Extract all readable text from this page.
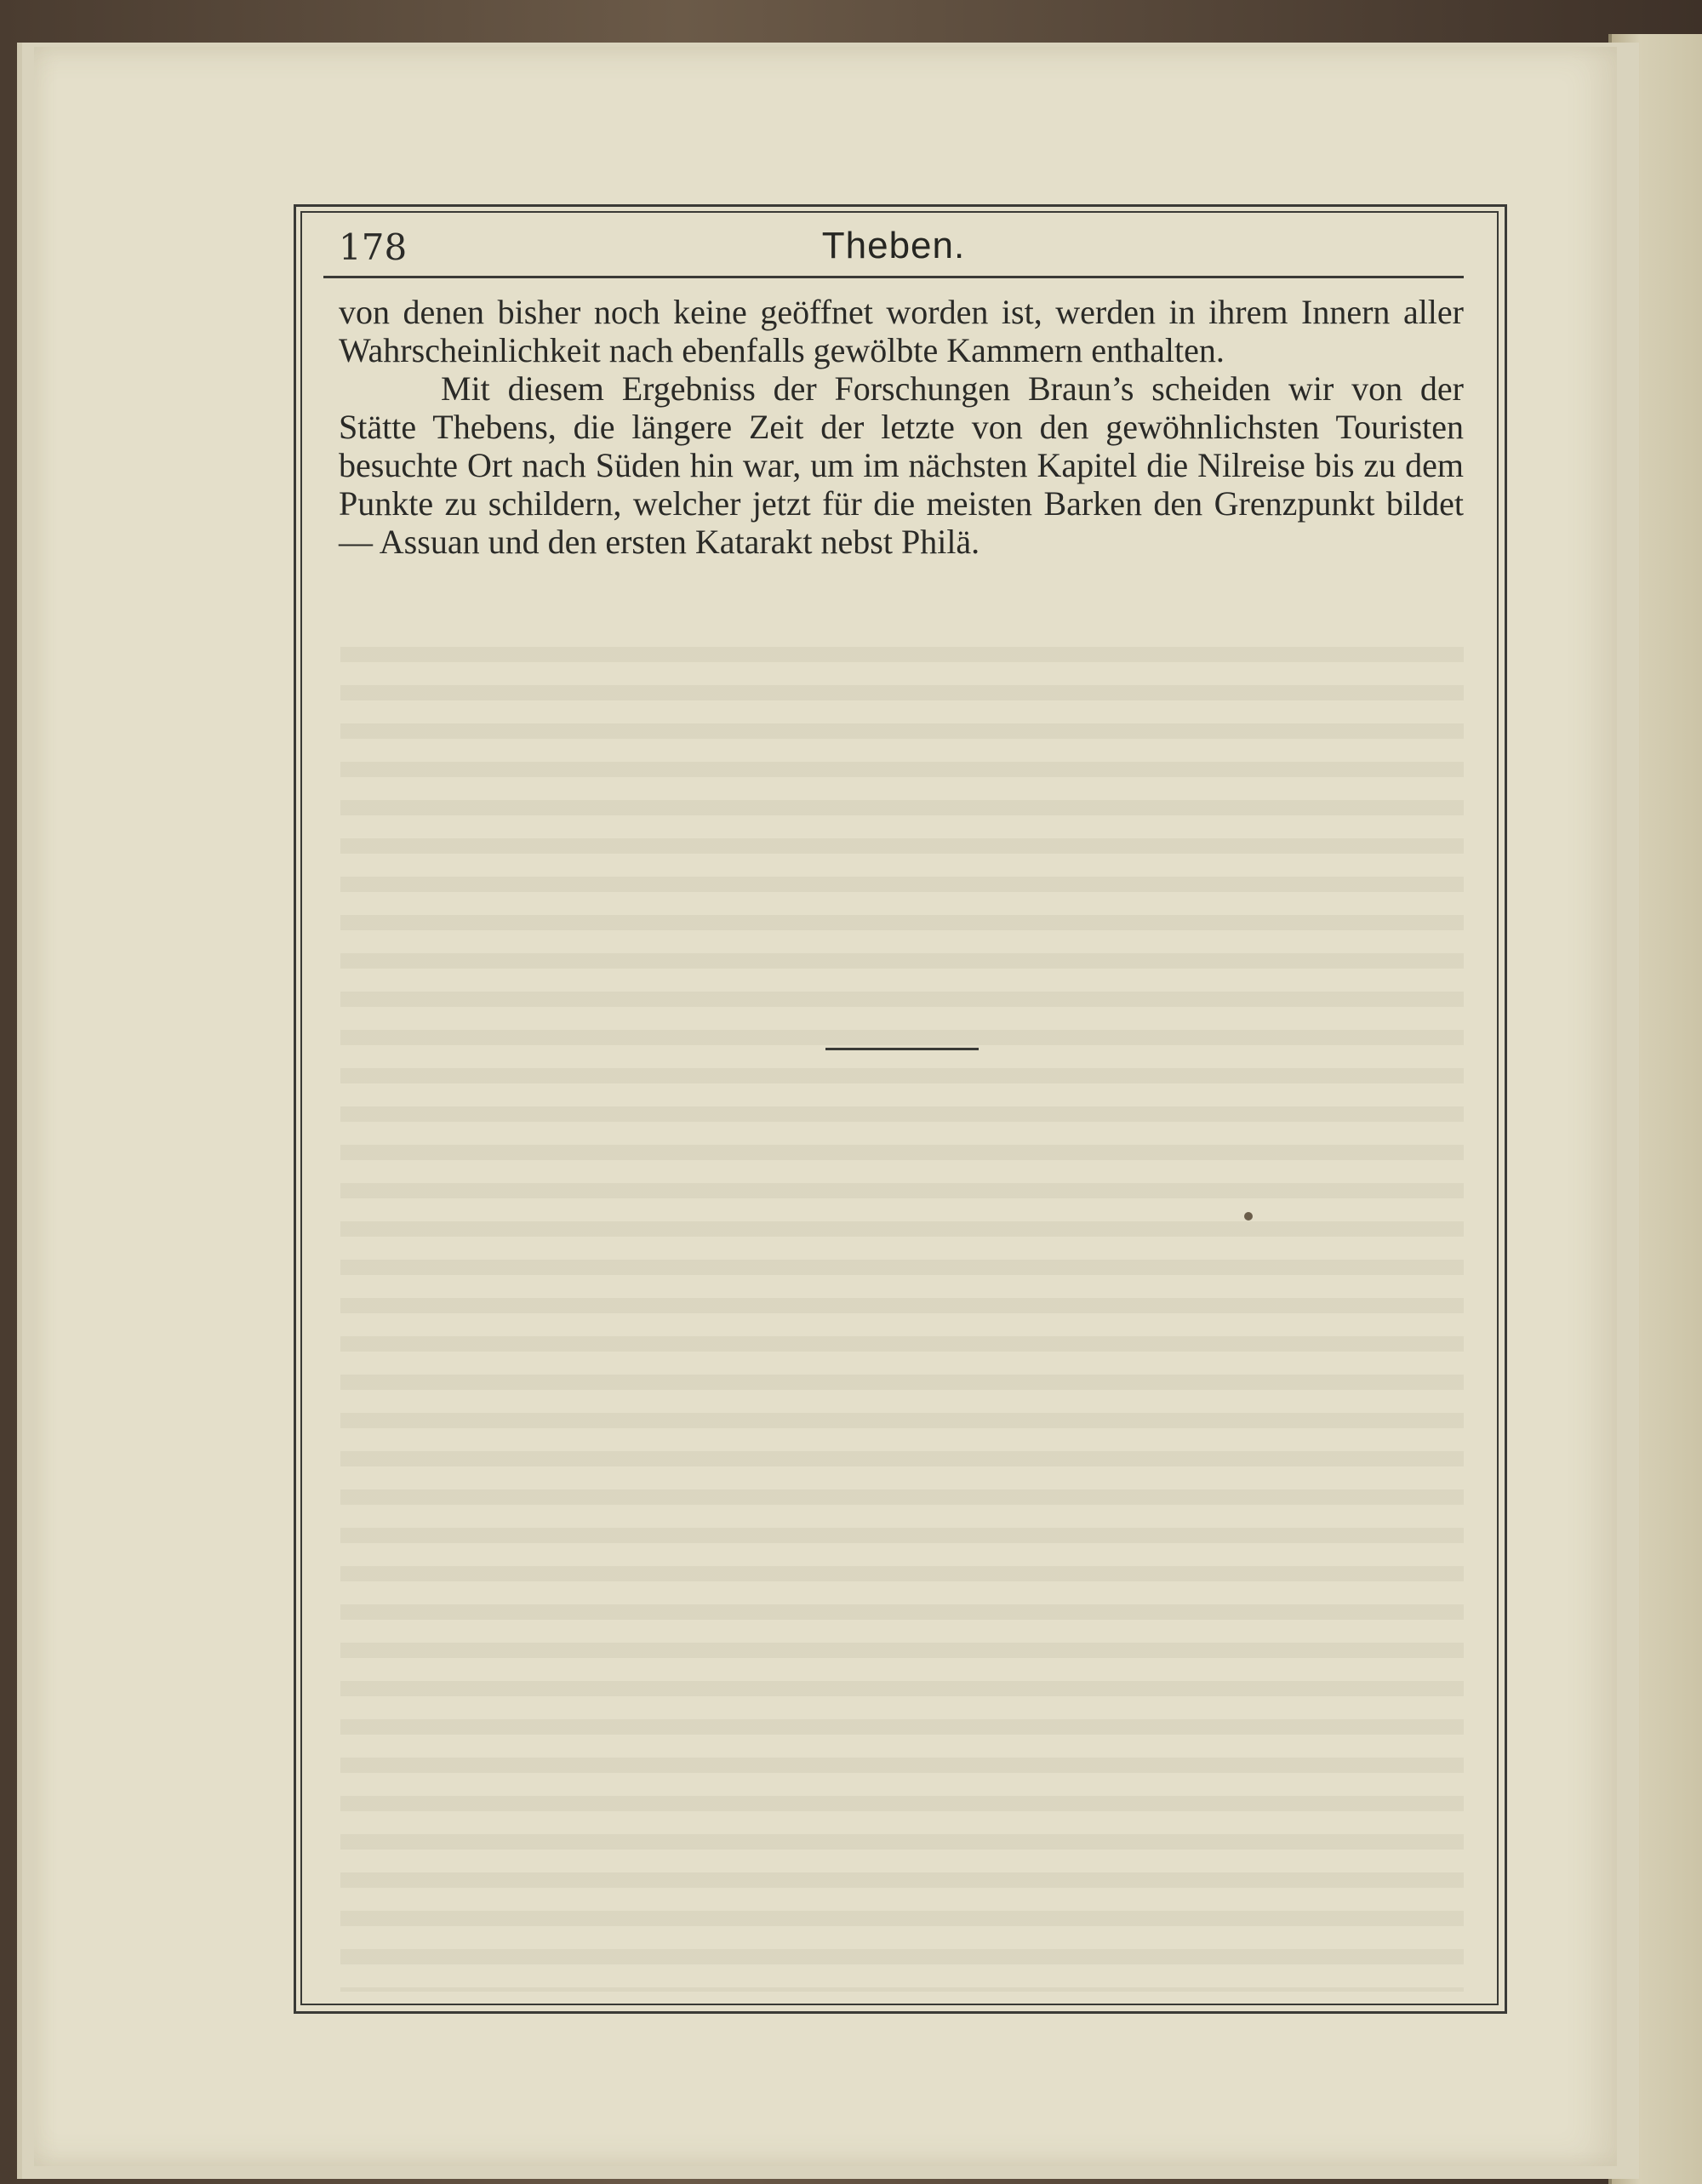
178	Theben.

von denen bisher noch keine geöffnet worden ist, werden in ihrem Innern aller Wahrscheinlichkeit nach ebenfalls gewölbte Kammern enthalten.

Mit diesem Ergebniss der Forschungen Braun’s scheiden wir von der Stätte Thebens, die längere Zeit der letzte von den gewöhnlichsten Touristen besuchte Ort nach Süden hin war, um im nächsten Kapitel die Nilreise bis zu dem Punkte zu schildern, welcher jetzt für die meisten Barken den Grenzpunkt bildet — Assuan und den ersten Katarakt nebst Philä.
